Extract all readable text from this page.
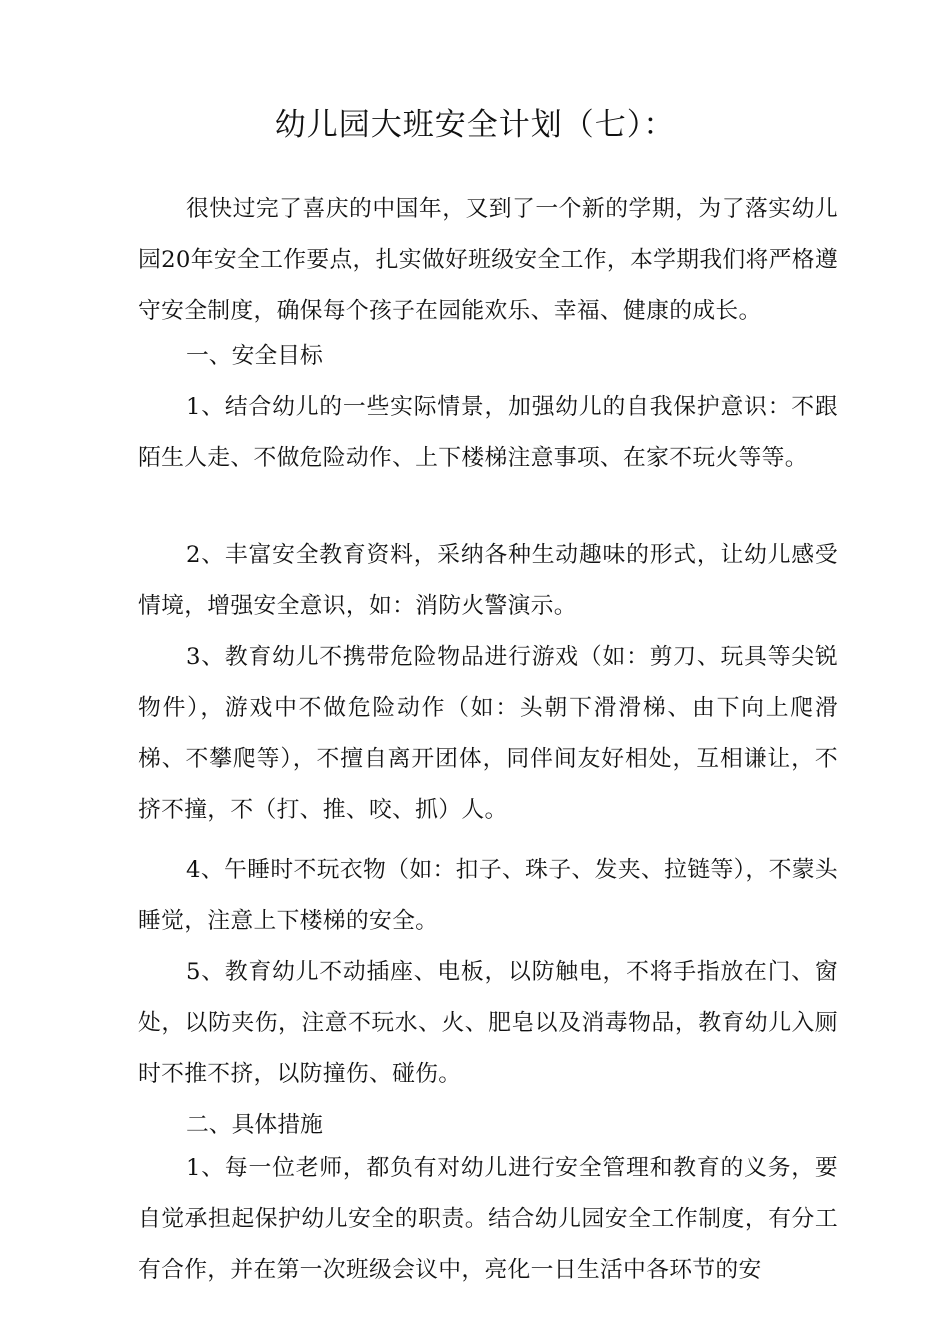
幼儿园大班安全计划（七）：
很快过完了喜庆的中国年，又到了一个新的学期，为了落实幼儿园20年安全工作要点，扎实做好班级安全工作，本学期我们将严格遵守安全制度，确保每个孩子在园能欢乐、幸福、健康的成长。
一、安全目标
1、结合幼儿的一些实际情景，加强幼儿的自我保护意识：不跟陌生人走、不做危险动作、上下楼梯注意事项、在家不玩火等等。
2、丰富安全教育资料，采纳各种生动趣味的形式，让幼儿感受情境，增强安全意识，如：消防火警演示。
3、教育幼儿不携带危险物品进行游戏（如：剪刀、玩具等尖锐物件），游戏中不做危险动作（如：头朝下滑滑梯、由下向上爬滑梯、不攀爬等），不擅自离开团体，同伴间友好相处，互相谦让，不挤不撞，不（打、推、咬、抓）人。
4、午睡时不玩衣物（如：扣子、珠子、发夹、拉链等），不蒙头睡觉，注意上下楼梯的安全。
5、教育幼儿不动插座、电板，以防触电，不将手指放在门、窗处，以防夹伤，注意不玩水、火、肥皂以及消毒物品，教育幼儿入厕时不推不挤，以防撞伤、碰伤。
二、具体措施
1、每一位老师，都负有对幼儿进行安全管理和教育的义务，要自觉承担起保护幼儿安全的职责。结合幼儿园安全工作制度，有分工有合作，并在第一次班级会议中，亮化一日生活中各环节的安
